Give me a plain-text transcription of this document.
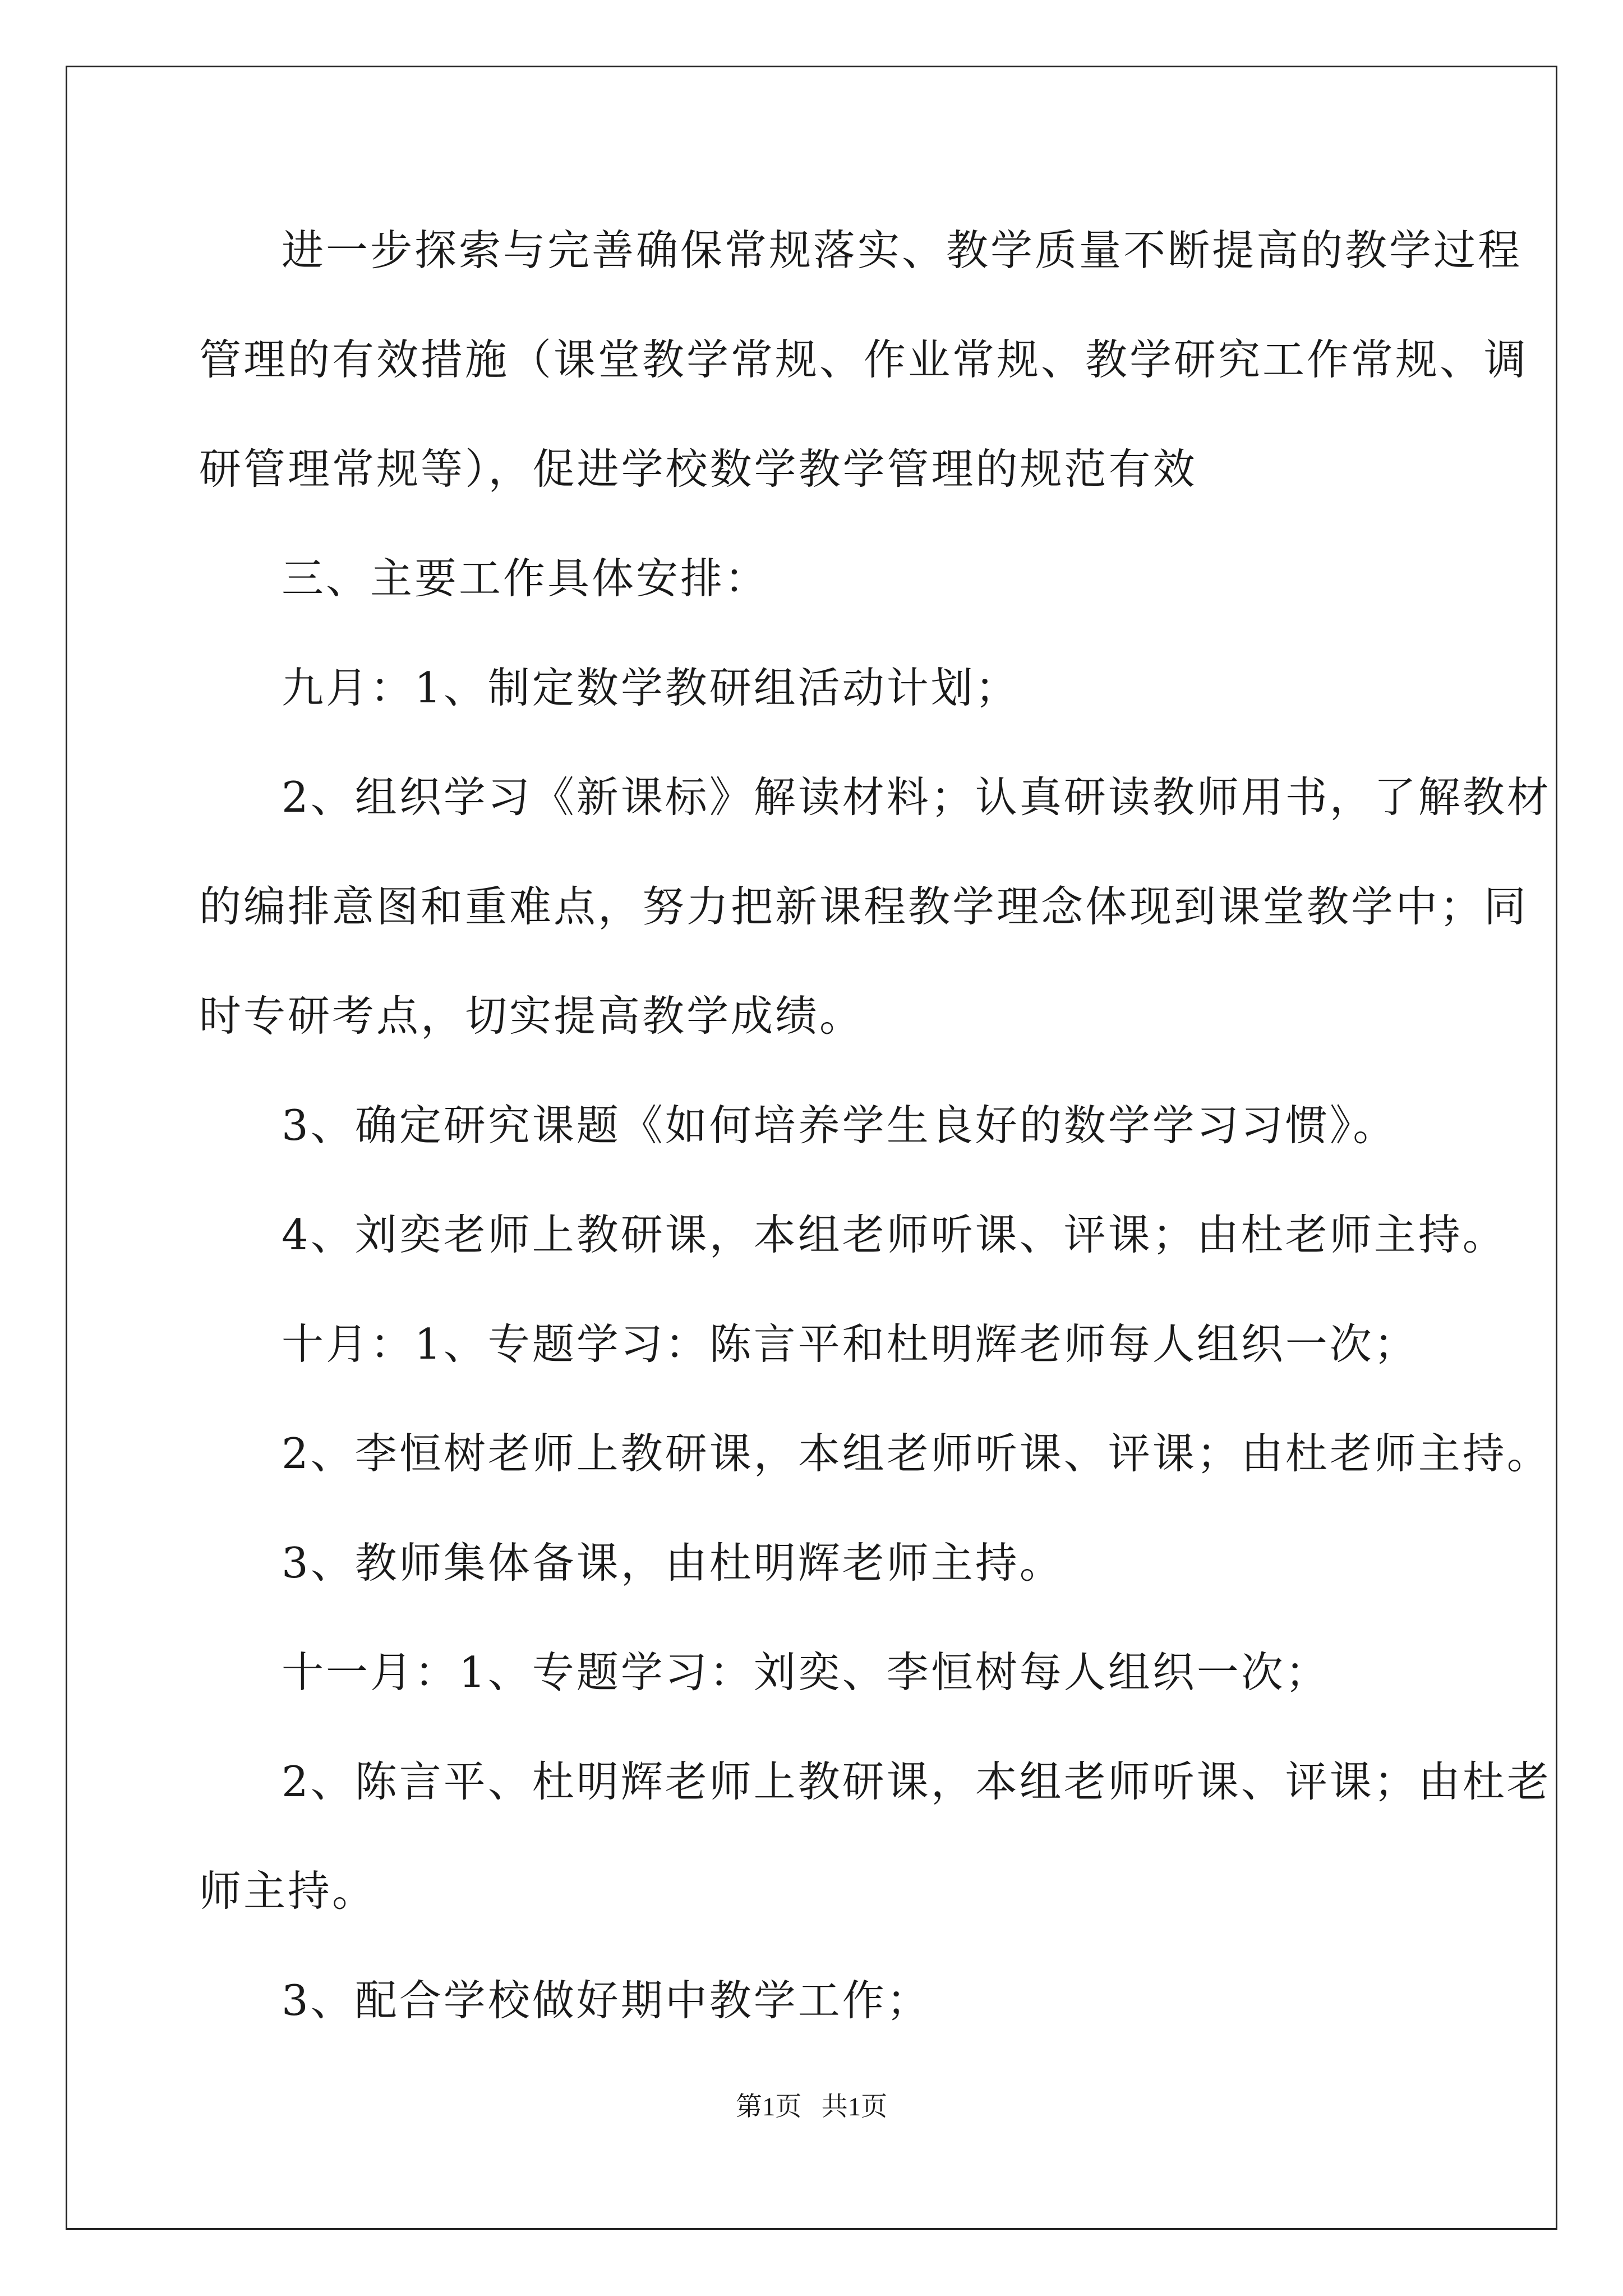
进一步探索与完善确保常规落实、教学质量不断提高的教学过程
管理的有效措施（课堂教学常规、作业常规、教学研究工作常规、调
研管理常规等），促进学校数学教学管理的规范有效
三、主要工作具体安排：
九月：1、制定数学教研组活动计划；
2、组织学习《新课标》解读材料；认真研读教师用书，了解教材
的编排意图和重难点，努力把新课程教学理念体现到课堂教学中；同
时专研考点，切实提高教学成绩。
3、确定研究课题《如何培养学生良好的数学学习习惯》。
4、刘奕老师上教研课，本组老师听课、评课；由杜老师主持。
十月：1、专题学习：陈言平和杜明辉老师每人组织一次；
2、李恒树老师上教研课，本组老师听课、评课；由杜老师主持。
3、教师集体备课，由杜明辉老师主持。
十一月：1、专题学习：刘奕、李恒树每人组织一次；
2、陈言平、杜明辉老师上教研课，本组老师听课、评课；由杜老
师主持。
3、配合学校做好期中教学工作；
第1页   共1页
